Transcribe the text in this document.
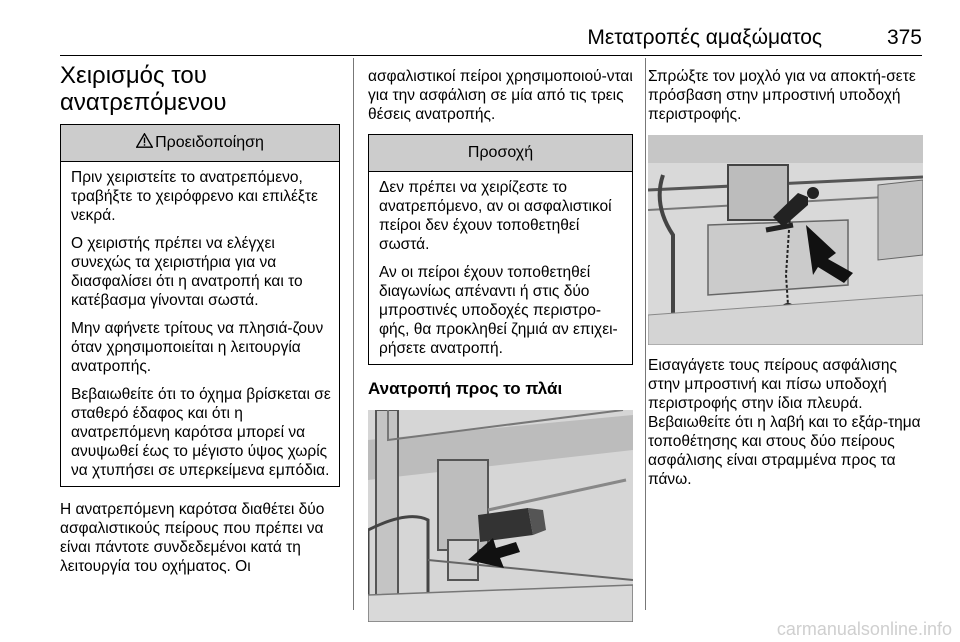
Μετατροπές αμαξώματος	375
Χειρισμός του
ανατρεπόμενου
Προειδοποίηση

Πριν χειριστείτε το ανατρεπόμενο, τραβήξτε το χειρόφρενο και επιλέξτε νεκρά.

Ο χειριστής πρέπει να ελέγχει συνεχώς τα χειριστήρια για να διασφαλίσει ότι η ανατροπή και το κατέβασμα γίνονται σωστά.

Μην αφήνετε τρίτους να πλησιά-ζουν όταν χρησιμοποιείται η λειτουργία ανατροπής.

Βεβαιωθείτε ότι το όχημα βρίσκεται σε σταθερό έδαφος και ότι η ανατρεπόμενη καρότσα μπορεί να ανυψωθεί έως το μέγιστο ύψος χωρίς να χτυπήσει σε υπερκείμενα εμπόδια.

Η ανατρεπόμενη καρότσα διαθέτει δύο ασφαλιστικούς πείρους που πρέπει να είναι πάντοτε συνδεδεμένοι κατά τη λειτουργία του οχήματος. Οι

ασφαλιστικοί πείροι χρησιμοποιού-νται για την ασφάλιση σε μία από τις τρεις θέσεις ανατροπής.

Προσοχή

Δεν πρέπει να χειρίζεστε το ανατρεπόμενο, αν οι ασφαλιστικοί πείροι δεν έχουν τοποθετηθεί σωστά.

Αν οι πείροι έχουν τοποθετηθεί διαγωνίως απέναντι ή στις δύο μπροστινές υποδοχές περιστρο-φής, θα προκληθεί ζημιά αν επιχει-ρήσετε ανατροπή.

Ανατροπή προς το πλάι

Σπρώξτε τον μοχλό για να αποκτή-σετε πρόσβαση στην μπροστινή υποδοχή περιστροφής.

Εισαγάγετε τους πείρους ασφάλισης στην μπροστινή και πίσω υποδοχή περιστροφής στην ίδια πλευρά. Βεβαιωθείτε ότι η λαβή και το εξάρ-τημα τοποθέτησης και στους δύο πείρους ασφάλισης είναι στραμμένα προς τα πάνω.

carmanualsonline.info
